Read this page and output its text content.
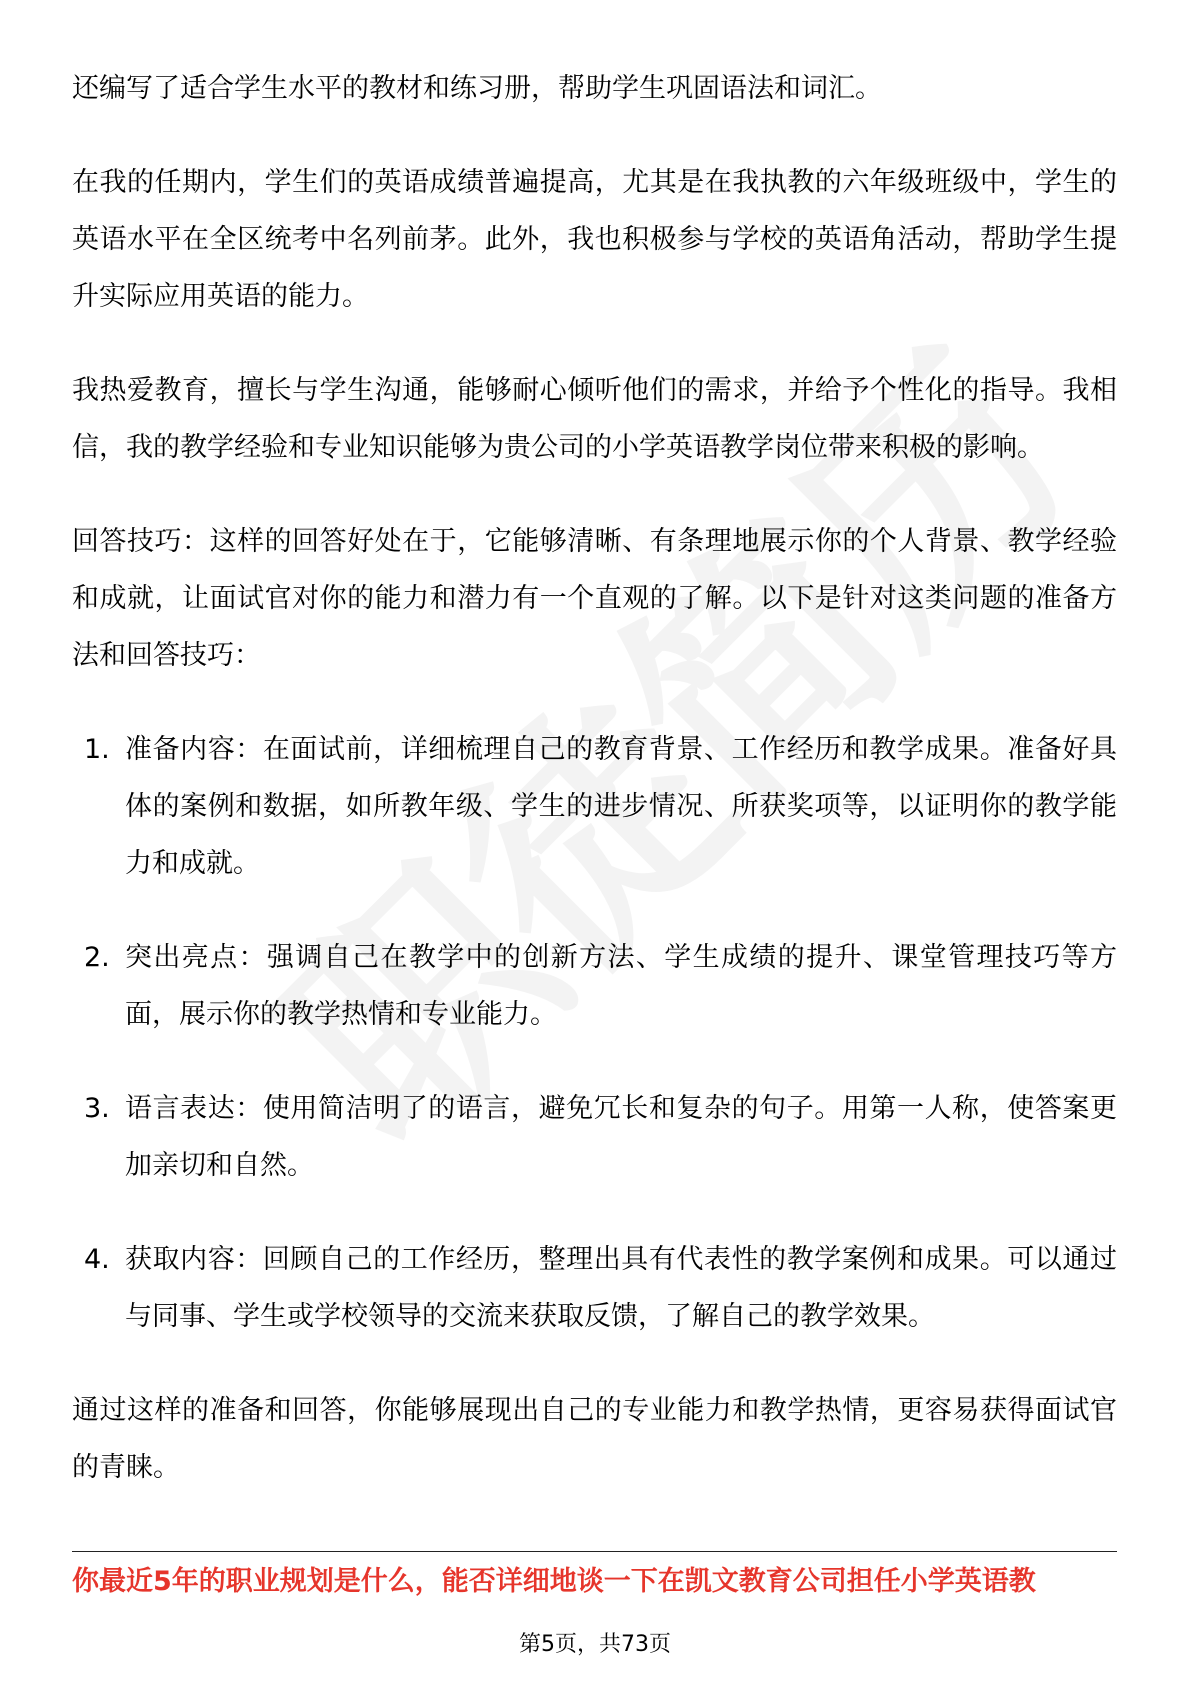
还编写了适合学生水平的教材和练习册，帮助学生巩固语法和词汇。

在我的任期内，学生们的英语成绩普遍提高，尤其是在我执教的六年级班级中，学生的英语水平在全区统考中名列前茅。此外，我也积极参与学校的英语角活动，帮助学生提升实际应用英语的能力。

我热爱教育，擅长与学生沟通，能够耐心倾听他们的需求，并给予个性化的指导。我相信，我的教学经验和专业知识能够为贵公司的小学英语教学岗位带来积极的影响。

回答技巧：这样的回答好处在于，它能够清晰、有条理地展示你的个人背景、教学经验和成就，让面试官对你的能力和潜力有一个直观的了解。以下是针对这类问题的准备方法和回答技巧：

1. 准备内容：在面试前，详细梳理自己的教育背景、工作经历和教学成果。准备好具体的案例和数据，如所教年级、学生的进步情况、所获奖项等，以证明你的教学能力和成就。
2. 突出亮点：强调自己在教学中的创新方法、学生成绩的提升、课堂管理技巧等方面，展示你的教学热情和专业能力。
3. 语言表达：使用简洁明了的语言，避免冗长和复杂的句子。用第一人称，使答案更加亲切和自然。
4. 获取内容：回顾自己的工作经历，整理出具有代表性的教学案例和成果。可以通过与同事、学生或学校领导的交流来获取反馈，了解自己的教学效果。

通过这样的准备和回答，你能够展现出自己的专业能力和教学热情，更容易获得面试官的青睐。

你最近5年的职业规划是什么，能否详细地谈一下在凯文教育公司担任小学英语教
第5页，共73页
